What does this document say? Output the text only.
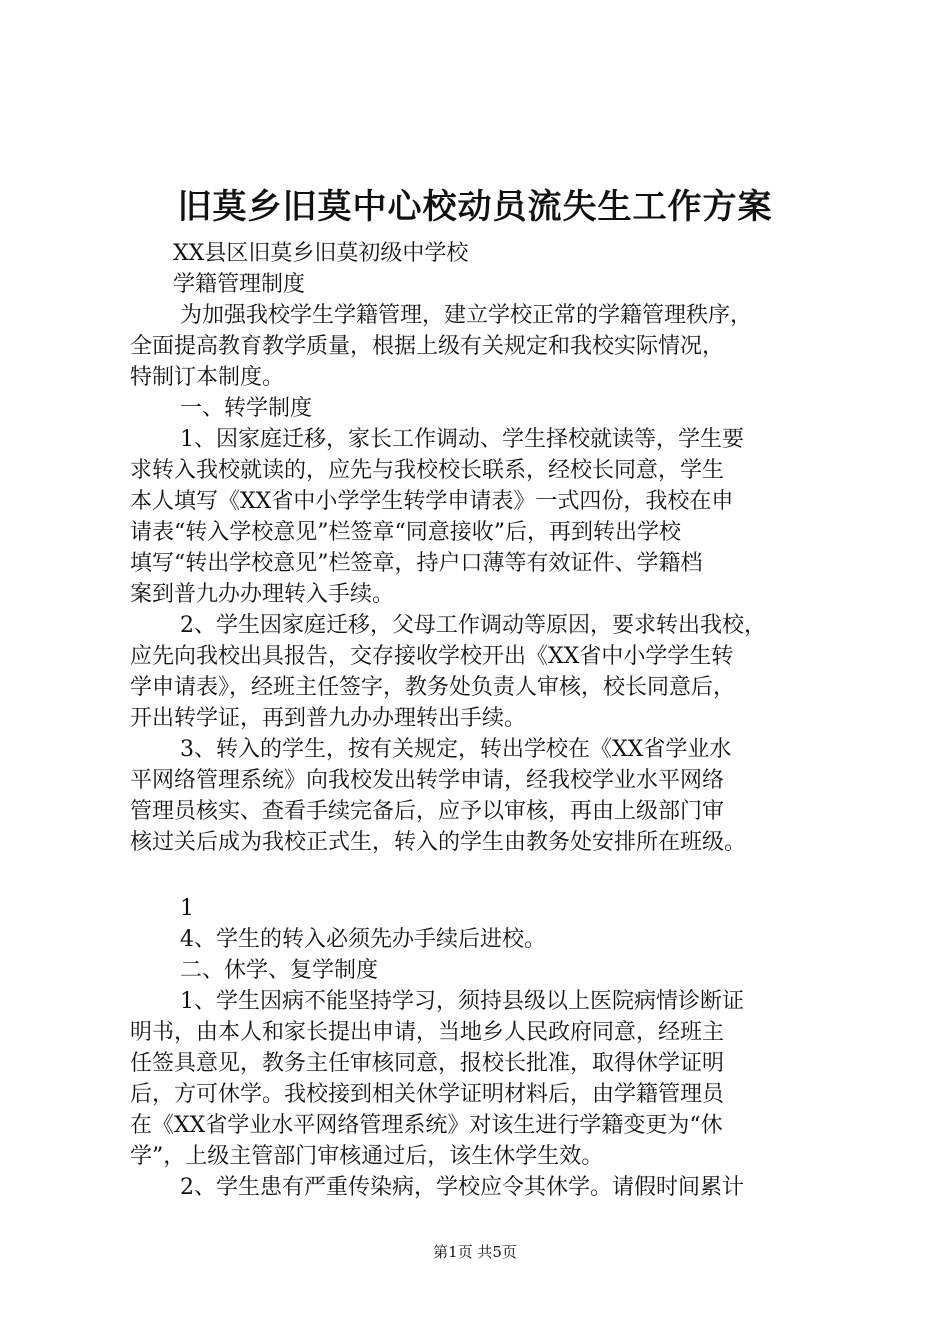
旧莫乡旧莫中心校动员流失生工作方案
XX县区旧莫乡旧莫初级中学校
学籍管理制度
为加强我校学生学籍管理，建立学校正常的学籍管理秩序，
全面提高教育教学质量，根据上级有关规定和我校实际情况，
特制订本制度。
一、转学制度
1、因家庭迁移，家长工作调动、学生择校就读等，学生要
求转入我校就读的，应先与我校校长联系，经校长同意，学生
本人填写《XX省中小学学生转学申请表》一式四份，我校在申
请表“转入学校意见”栏签章“同意接收”后，再到转出学校
填写“转出学校意见”栏签章，持户口薄等有效证件、学籍档
案到普九办办理转入手续。
2、学生因家庭迁移，父母工作调动等原因，要求转出我校，
应先向我校出具报告，交存接收学校开出《XX省中小学学生转
学申请表》，经班主任签字，教务处负责人审核，校长同意后，
开出转学证，再到普九办办理转出手续。
3、转入的学生，按有关规定，转出学校在《XX省学业水
平网络管理系统》向我校发出转学申请，经我校学业水平网络
管理员核实、查看手续完备后，应予以审核，再由上级部门审
核过关后成为我校正式生，转入的学生由教务处安排所在班级。
1
4、学生的转入必须先办手续后进校。
二、休学、复学制度
1、学生因病不能坚持学习，须持县级以上医院病情诊断证
明书，由本人和家长提出申请，当地乡人民政府同意，经班主
任签具意见，教务主任审核同意，报校长批准，取得休学证明
后，方可休学。我校接到相关休学证明材料后，由学籍管理员
在《XX省学业水平网络管理系统》对该生进行学籍变更为“休
学”，上级主管部门审核通过后，该生休学生效。
2、学生患有严重传染病，学校应令其休学。请假时间累计
第1页 共5页
